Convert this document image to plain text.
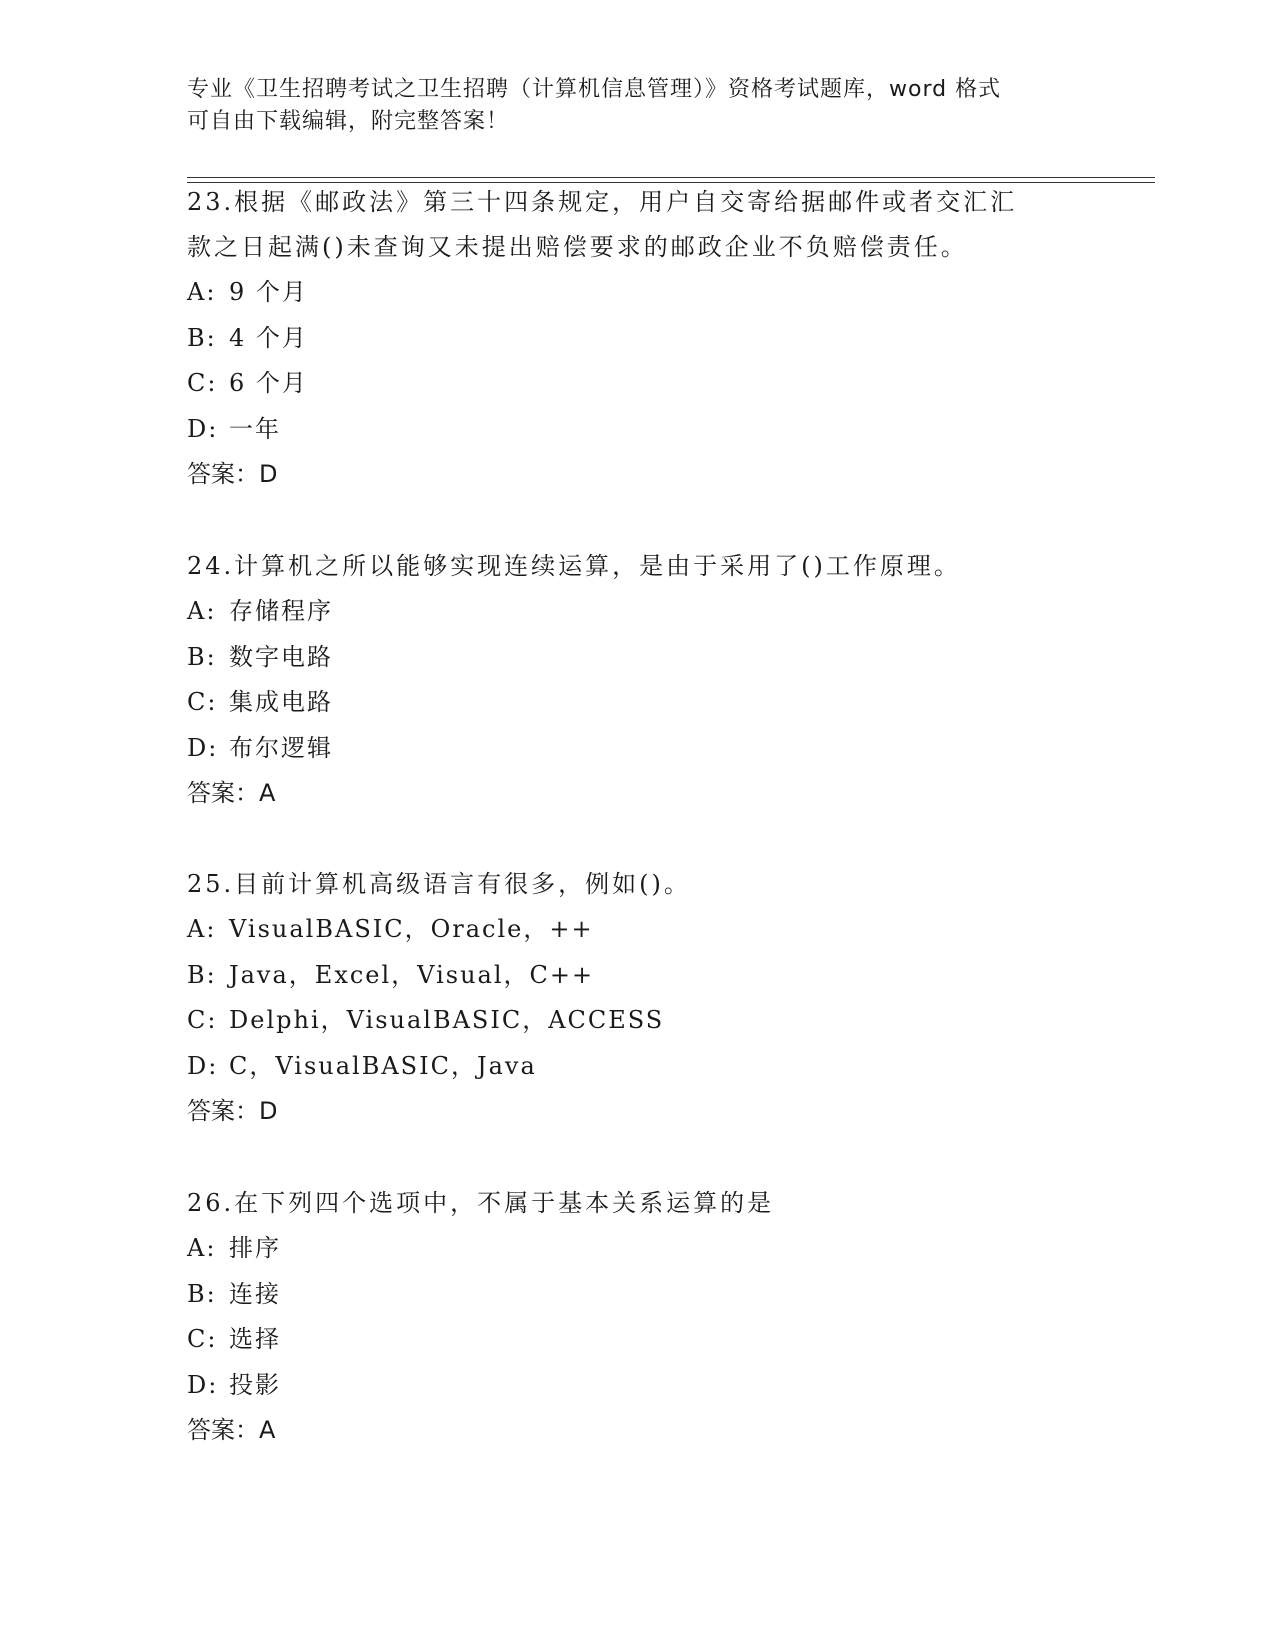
专业《卫生招聘考试之卫生招聘（计算机信息管理）》资格考试题库，word 格式
可自由下载编辑，附完整答案！
23.根据《邮政法》第三十四条规定，用户自交寄给据邮件或者交汇汇
款之日起满()未查询又未提出赔偿要求的邮政企业不负赔偿责任。
A: 9 个月
B: 4 个月
C: 6 个月
D: 一年
答案：D
24.计算机之所以能够实现连续运算，是由于采用了()工作原理。
A: 存储程序
B: 数字电路
C: 集成电路
D: 布尔逻辑
答案：A
25.目前计算机高级语言有很多，例如()。
A: VisualBASIC，Oracle，++
B: Java，Excel，Visual，C++
C: Delphi，VisualBASIC，ACCESS
D: C，VisualBASIC，Java
答案：D
26.在下列四个选项中，不属于基本关系运算的是
A: 排序
B: 连接
C: 选择
D: 投影
答案：A
